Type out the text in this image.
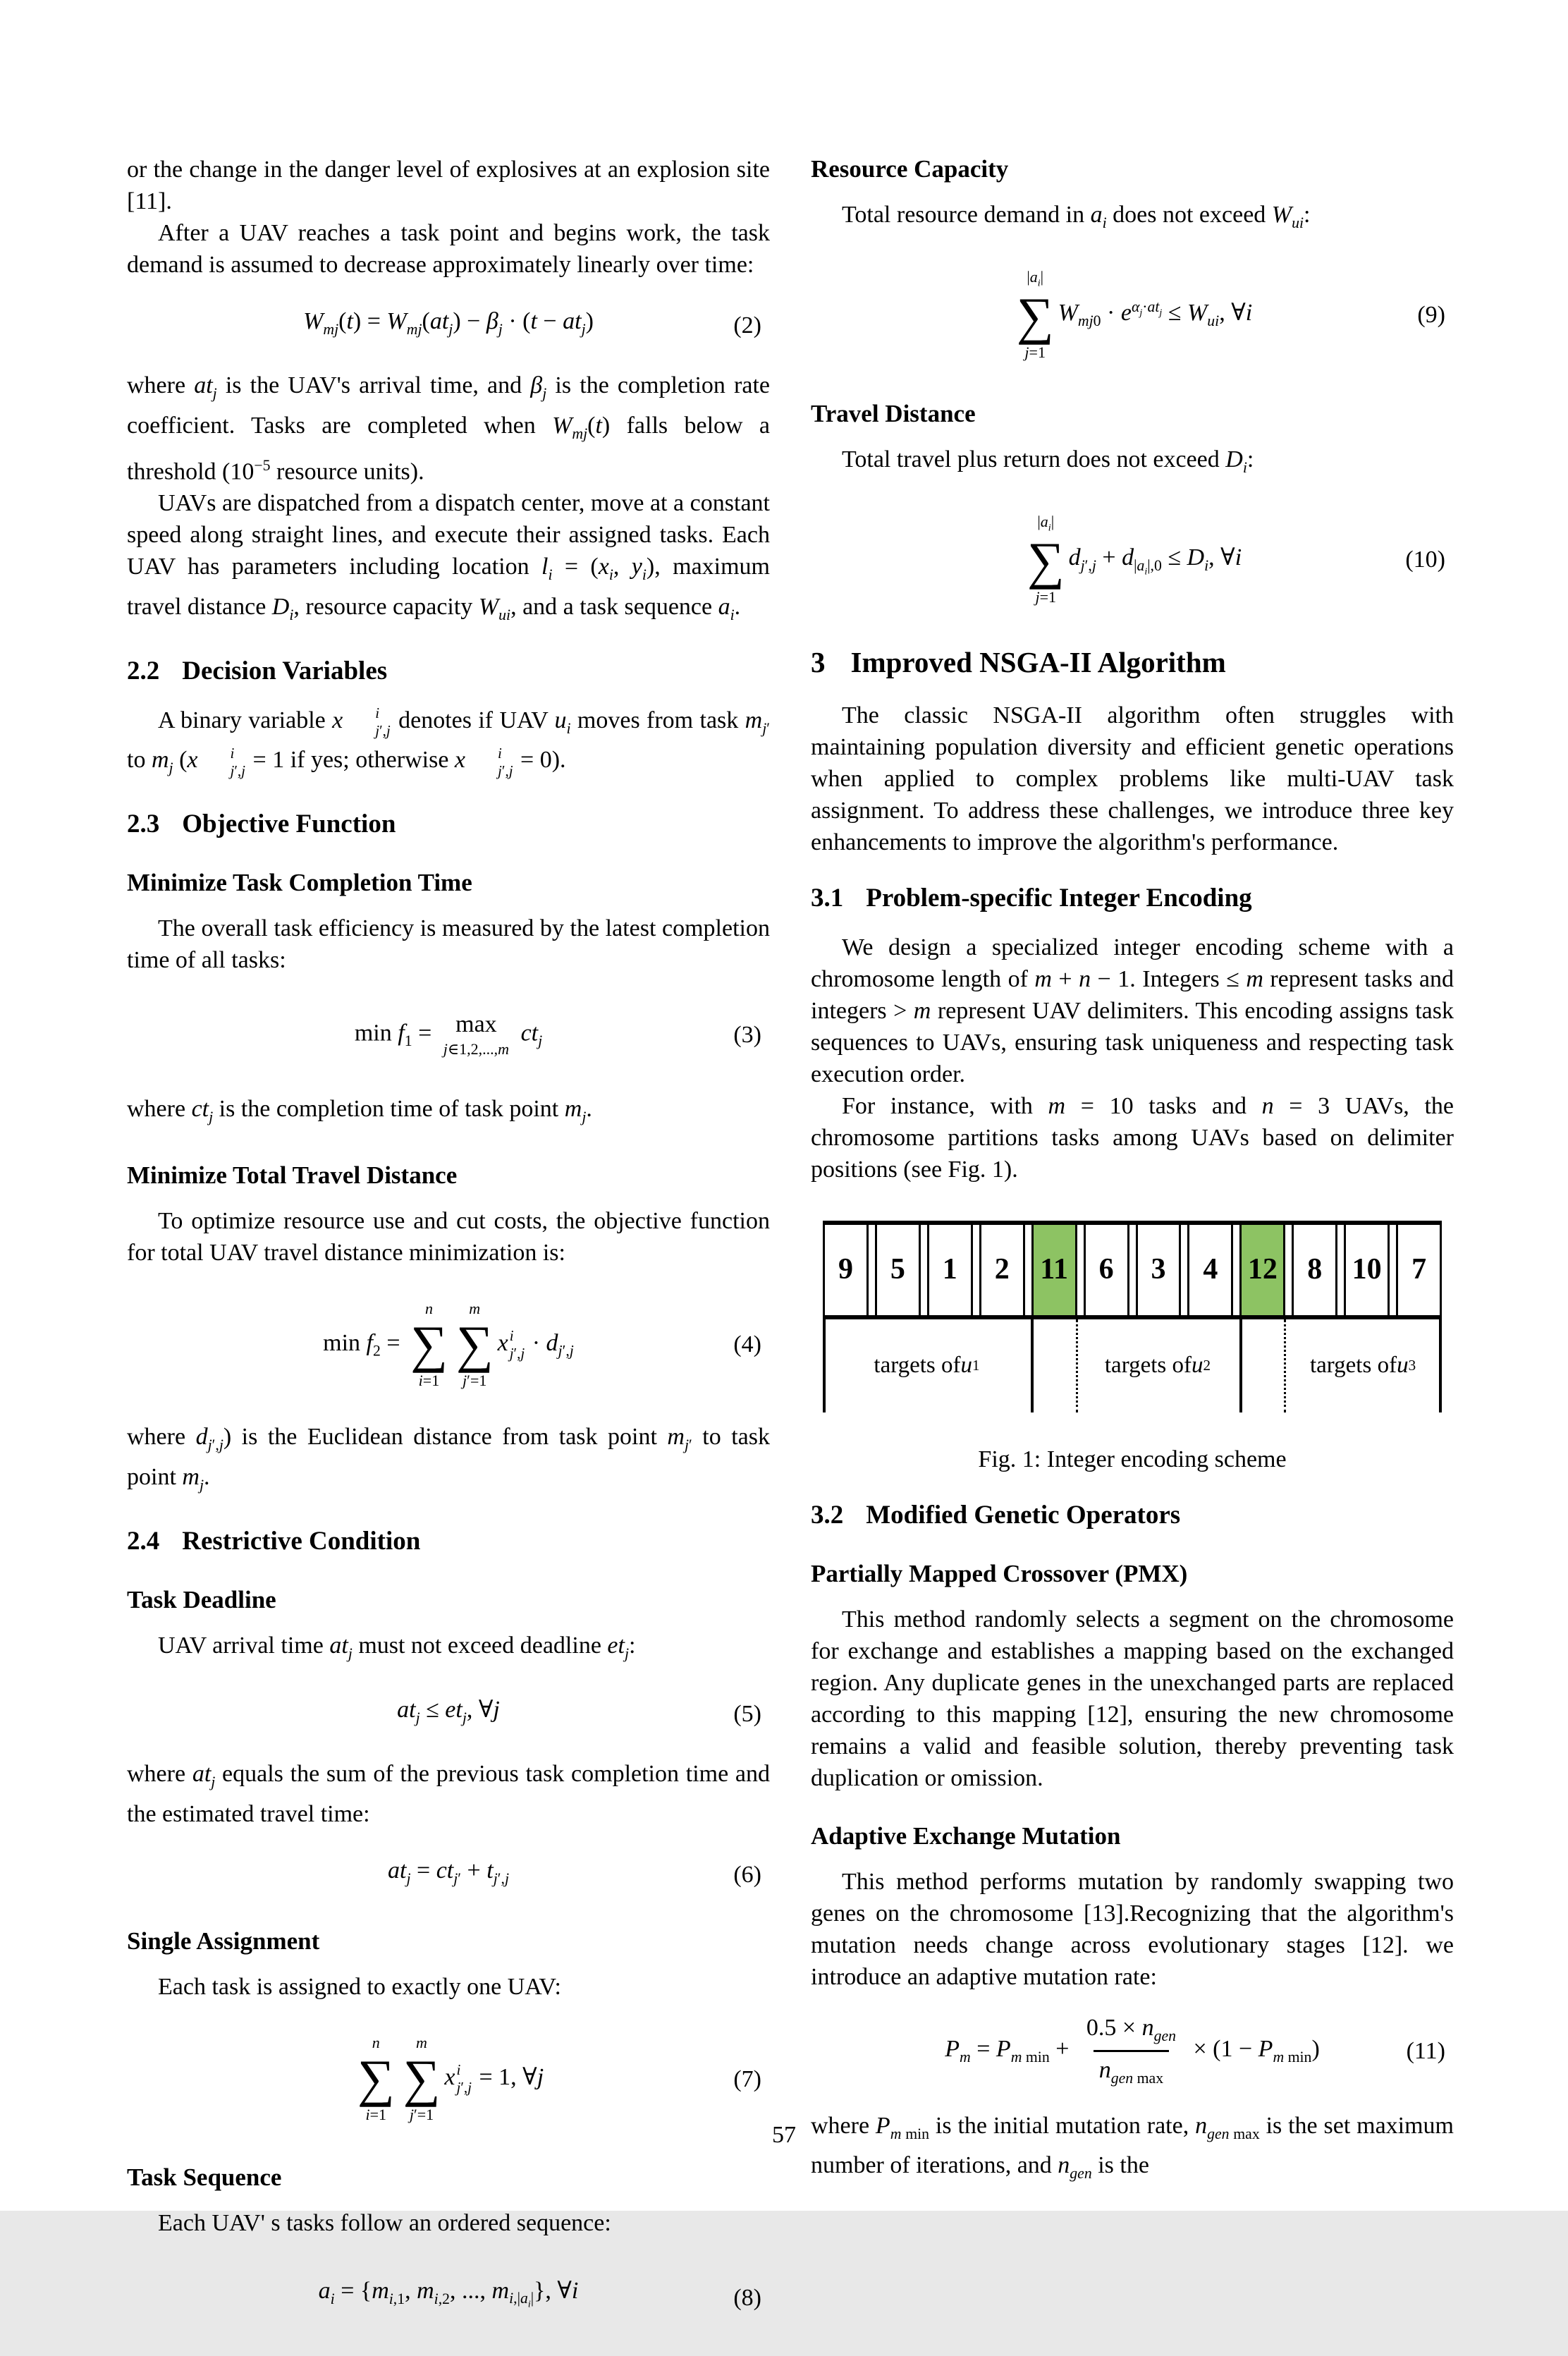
or the change in the danger level of explosives at an explosion site [11].

After a UAV reaches a task point and begins work, the task demand is assumed to decrease approximately linearly over time:

$W_{mj}(t) = W_{mj}(at_j) - \beta_j \cdot (t - at_j)$	(2)

where $at_j$ is the UAV's arrival time, and $\beta_j$ is the completion rate coefficient. Tasks are completed when $W_{mj}(t)$ falls below a threshold ($10^{-5}$ resource units).

UAVs are dispatched from a dispatch center, move at a constant speed along straight lines, and execute their assigned tasks. Each UAV has parameters including location $l_i = (x_i$, $y_i$), maximum travel distance $D_i$, resource capacity $W_{ui}$, and a task sequence $a_i$.

2.2 Decision Variables

A binary variable x	i
j′,j denotes if UAV $u_i$ moves from task $m_{j'}$ to $m_j$ (x	i
j′,j = 1 if yes; otherwise x	i
j′,j = 0).

2.3 Objective Function
Minimize Task Completion Time

The overall task efficiency is measured by the latest completion time of all tasks:

$\min f_1 = \max$
j∈1,2,...,m
$ct_j$	(3)

where $ct_j$ is the completion time of task point $m_j$.

Minimize Total Travel Distance

To optimize resource use and cut costs, the objective function for total UAV travel distance minimization is:

$\min f_2$ =
n
∑
i=1
m
∑
j′=1
x i
$j',j \cdot d_{j',j}$	(4)

where $d_{j',j}$) is the Euclidean distance from task point $m_{j'}$ to task point $m_j$.

2.4 Restrictive Condition
Task Deadline

UAV arrival time $at_j$ must not exceed deadline $et_j$:

$at_j \le et_j$, ∀j	(5)

where $at_j$ equals the sum of the previous task completion time and the estimated travel time:

$at_j = ct_{j'} + t_{j',j}$	(6)
Single Assignment

Each task is assigned to exactly one UAV:

n
∑
i=1
m
∑
j′=1
x i
j′,j = 1, ∀j	(7)
Task Sequence

Each UAV' s tasks follow an ordered sequence:

$a_i = \{m_{i,1}$, $m_{i,2}$, ..., $m_{i,|a_i|}$}, ∀i	(8)
Resource Capacity

Total resource demand in $a_i$ does not exceed $W_{ui}$:

$|a_i|$
∑
j=1
$W_{mj0} \cdot e^{\alpha_j\cdot at_j} \le W_{ui}$, ∀i	(9)
Travel Distance

Total travel plus return does not exceed $D_i$:

$|a_i|$
∑
j=1
$d_{j',j} + d_{|a_i|,0} \le D_i$, ∀i	(10)
3 Improved NSGA-II Algorithm

The classic NSGA-II algorithm often struggles with maintaining population diversity and efficient genetic operations when applied to complex problems like multi-UAV task assignment. To address these challenges, we introduce three key enhancements to improve the algorithm's performance.

3.1 Problem-specific Integer Encoding

We design a specialized integer encoding scheme with a chromosome length of m + n − 1. Integers ≤ m represent tasks and integers > m represent UAV delimiters. This encoding assigns task sequences to UAVs, ensuring task uniqueness and respecting task execution order.

For instance, with m = 10 tasks and n = 3 UAVs, the chromosome partitions tasks among UAVs based on delimiter positions (see Fig. 1).

9	5	1	2	11	6	3	4	12	8	10	7
targets of u 1	targets of u 2	targets of u 3
Fig. 1: Integer encoding scheme
3.2 Modified Genetic Operators
Partially Mapped Crossover (PMX)

This method randomly selects a segment on the chromosome for exchange and establishes a mapping based on the exchanged region. Any duplicate genes in the unexchanged parts are replaced according to this mapping [12], ensuring the new chromosome remains a valid and feasible solution, thereby preventing task duplication or omission.

Adaptive Exchange Mutation

This method performs mutation by randomly swapping two genes on the chromosome [13].Recognizing that the algorithm's mutation needs change across evolutionary stages [12]. we introduce an adaptive mutation rate:

$P_m = P_{m min} + \frac{0.5 \times n_{gen}}{n_{gen max}} \times (1 - P_{m min})$	(11)

where $P_{m min}$ is the initial mutation rate, $n_{gen max}$ is the set maximum number of iterations, and $n_{gen}$ is the

57
